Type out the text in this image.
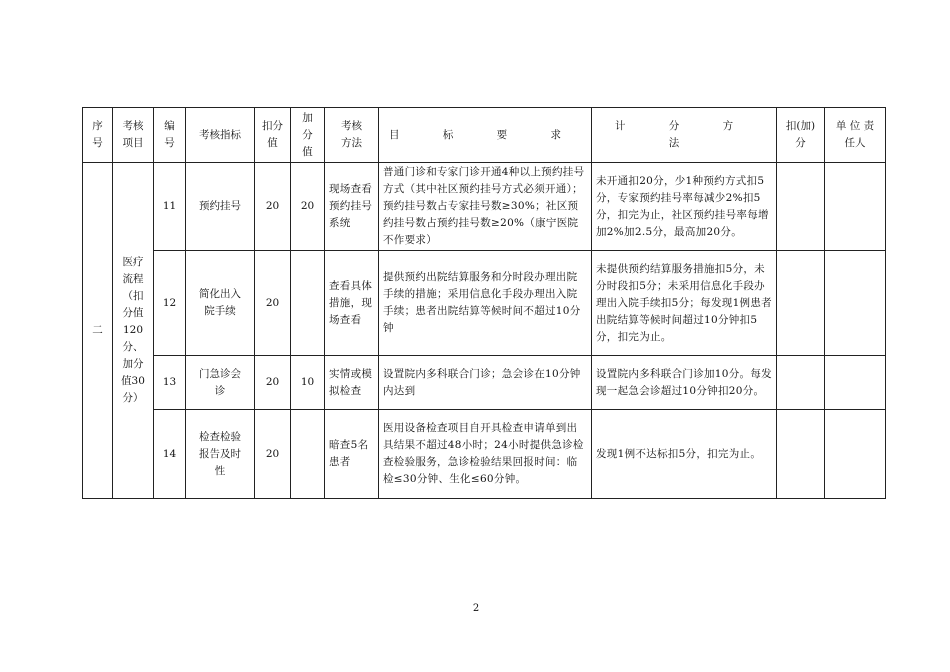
序号	考核项目	编号	考核指标	扣分值	加分值	考核方法	目 标 要 求	计 分 方 法	扣(加)分	单 位 责任人

二	医疗流程（扣分值120分、加分值30分）	11	预约挂号	20	20	现场查看预约挂号系统	普通门诊和专家门诊开通4种以上预约挂号方式（其中社区预约挂号方式必须开通）；预约挂号数占专家挂号数≥30%；社区预约挂号数占预约挂号数≥20%（康宁医院不作要求）	未开通扣20分，少1种预约方式扣5分，专家预约挂号率每减少2%扣5分，扣完为止，社区预约挂号率每增加2%加2.5分，最高加20分。		
		12	简化出入院手续	20		查看具体措施，现场查看	提供预约出院结算服务和分时段办理出院手续的措施；采用信息化手段办理出入院手续；患者出院结算等候时间不超过10分钟	未提供预约结算服务措施扣5分，未分时段扣5分；未采用信息化手段办理出入院手续扣5分；每发现1例患者出院结算等候时间超过10分钟扣5分，扣完为止。		
		13	门急诊会诊	20	10	实情或模拟检查	设置院内多科联合门诊；急会诊在10分钟内达到	设置院内多科联合门诊加10分。每发现一起急会诊超过10分钟扣20分。		
		14	检查检验报告及时性	20		暗查5名患者	医用设备检查项目自开具检查申请单到出具结果不超过48小时；24小时提供急诊检查检验服务，急诊检验结果回报时间：临检≤30分钟、生化≤60分钟。	发现1例不达标扣5分，扣完为止。		
2
